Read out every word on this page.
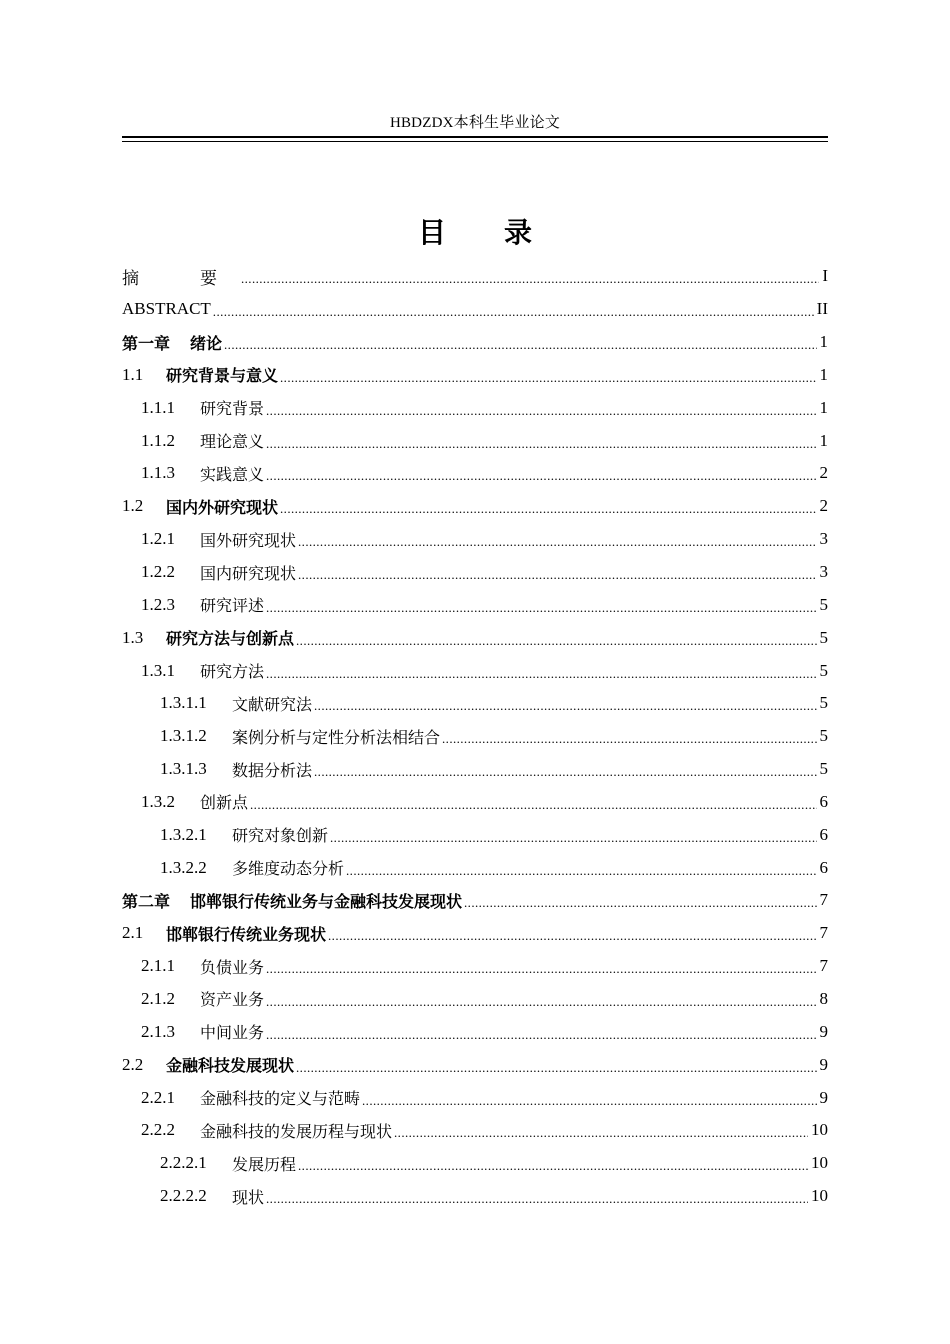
HBDZDX本科生毕业论文
目 录
摘　要 .....	I
ABSTRACT .....	II
第一章 绪论 .....	1
1.1	研究背景与意义 .....	1
1.1.1	研究背景 .....	1
1.1.2	理论意义 .....	1
1.1.3	实践意义 .....	2
1.2	国内外研究现状 .....	2
1.2.1	国外研究现状 .....	3
1.2.2	国内研究现状 .....	3
1.2.3	研究评述 .....	5
1.3	研究方法与创新点 .....	5
1.3.1	研究方法 .....	5
1.3.1.1	文献研究法 .....	5
1.3.1.2	案例分析与定性分析法相结合 .....	5
1.3.1.3	数据分析法 .....	5
1.3.2	创新点 .....	6
1.3.2.1	研究对象创新 .....	6
1.3.2.2	多维度动态分析 .....	6
第二章 邯郸银行传统业务与金融科技发展现状 .....	7
2.1	邯郸银行传统业务现状 .....	7
2.1.1	负债业务 .....	7
2.1.2	资产业务 .....	8
2.1.3	中间业务 .....	9
2.2	金融科技发展现状 .....	9
2.2.1	金融科技的定义与范畴 .....	9
2.2.2	金融科技的发展历程与现状 .....	10
2.2.2.1	发展历程 .....	10
2.2.2.2	现状 .....	10
